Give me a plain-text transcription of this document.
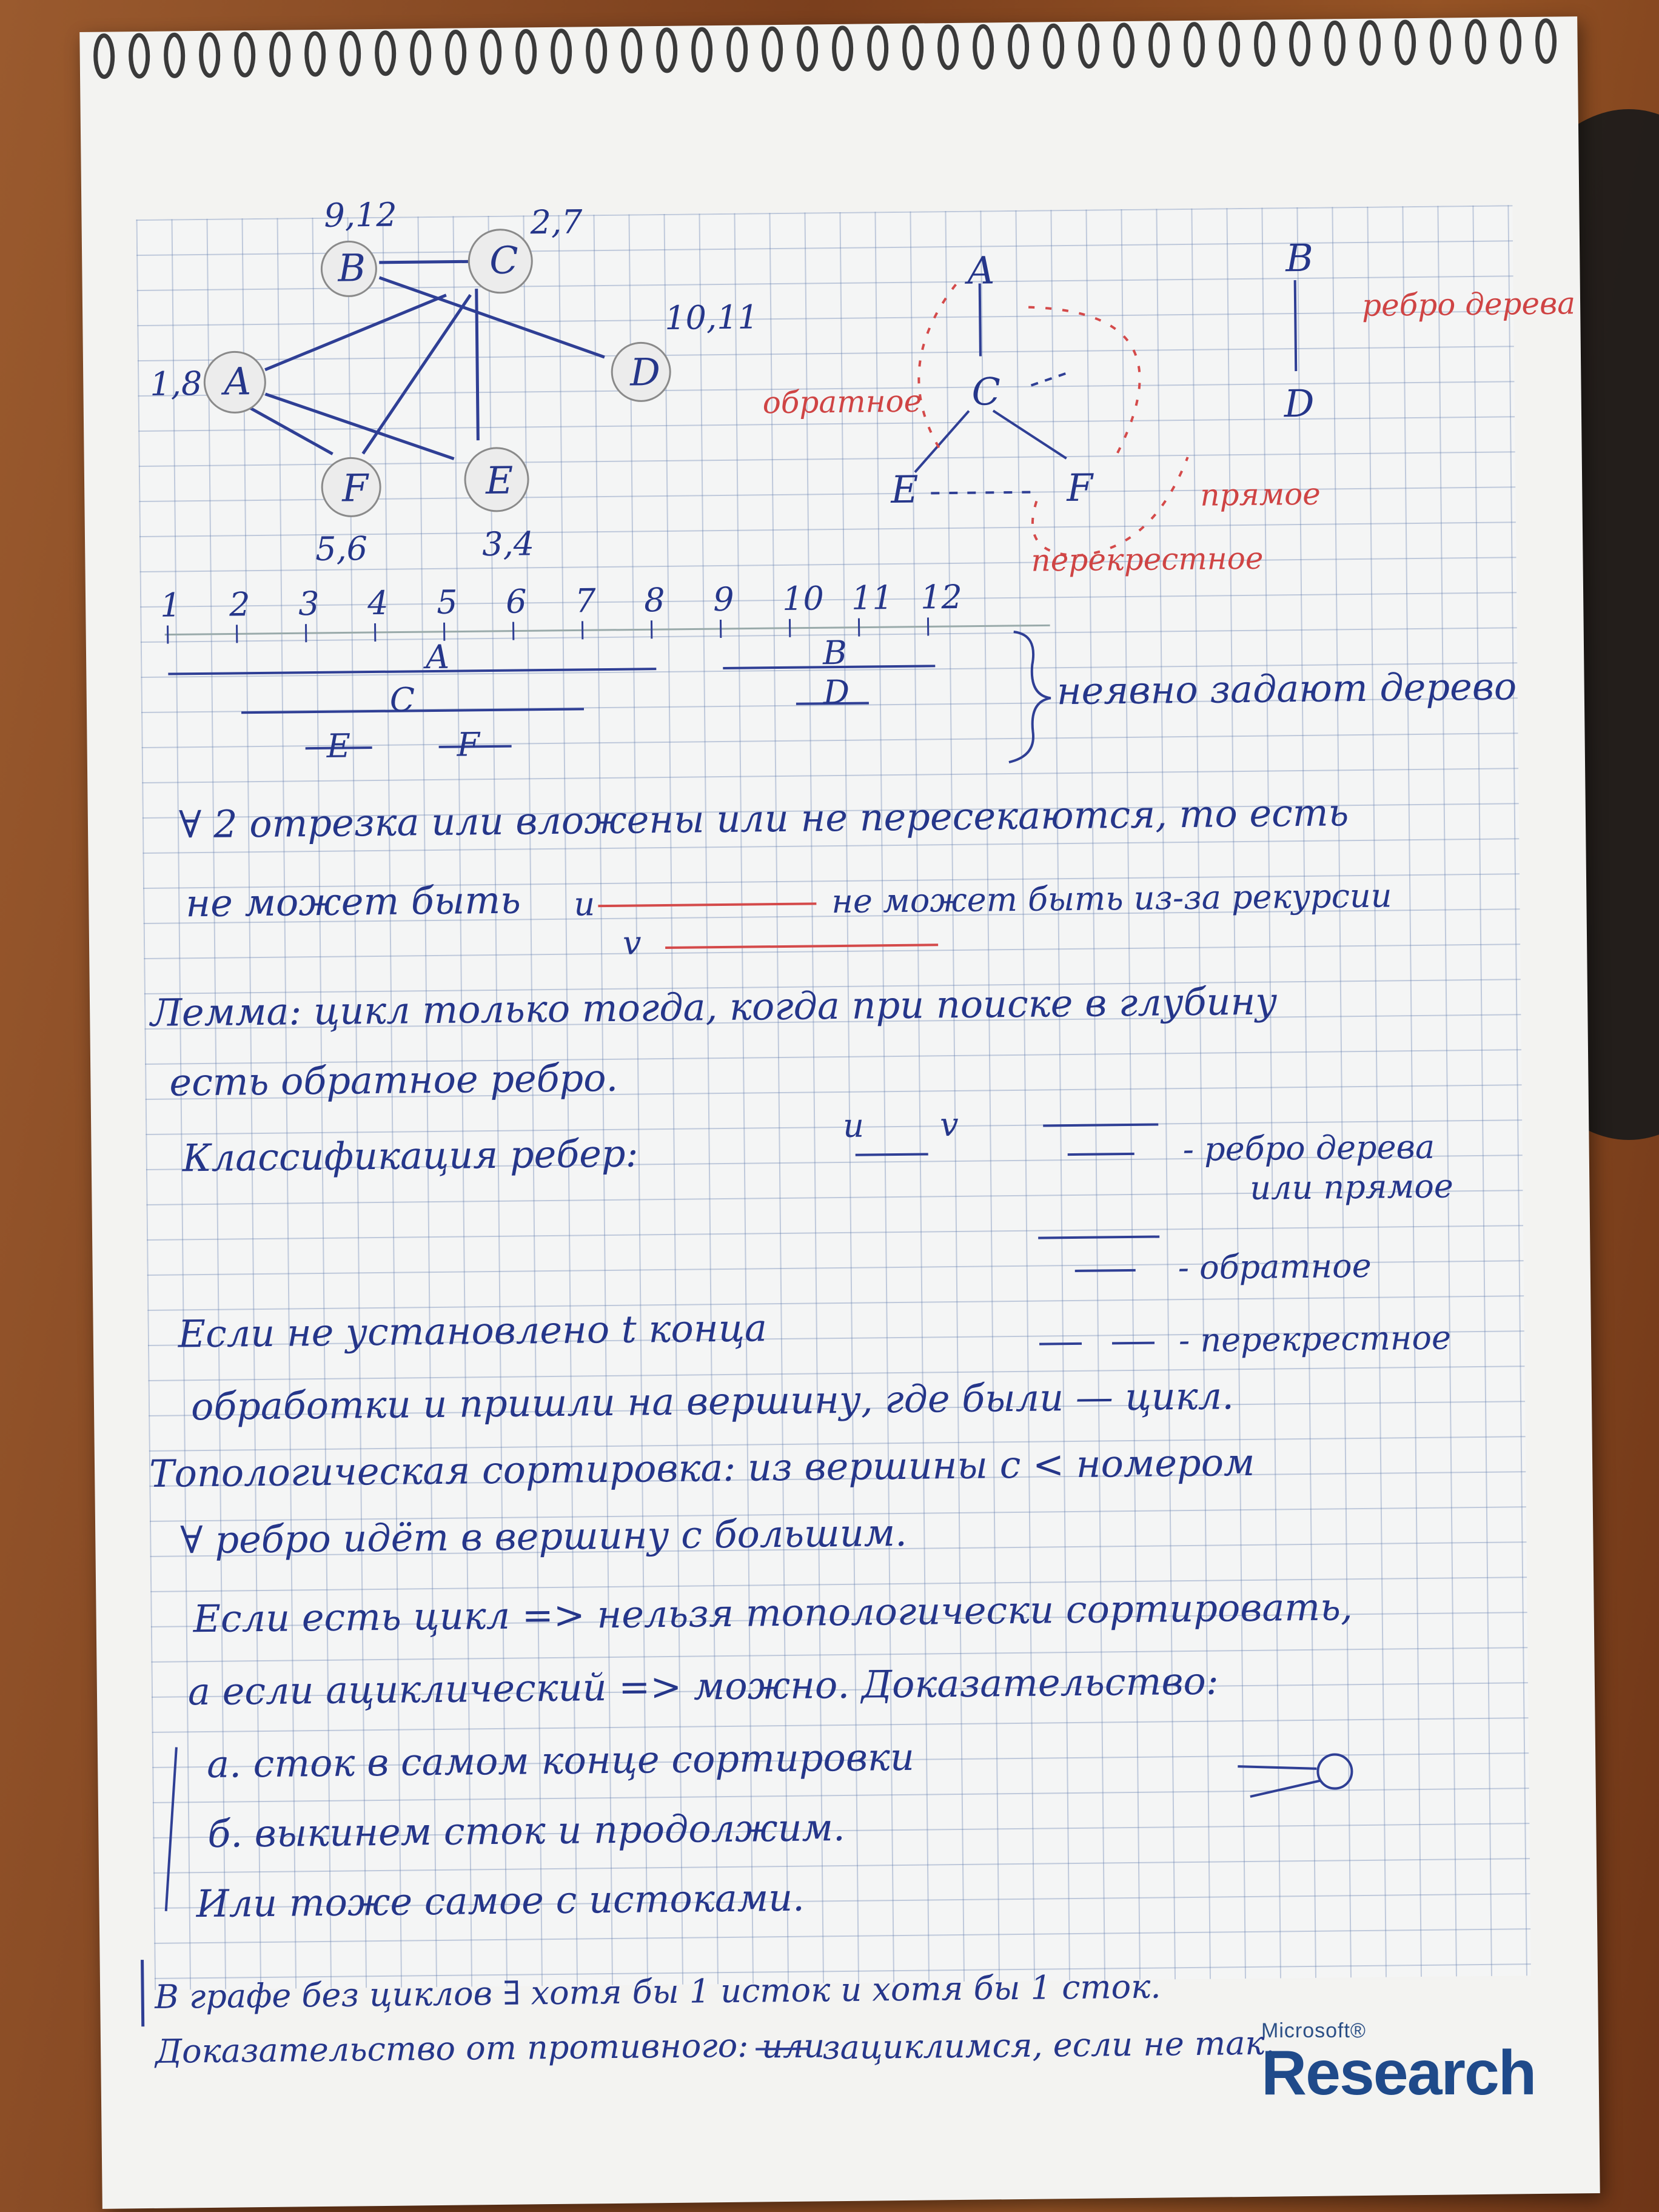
B	C
D
A
F	E
9,12	2,7
10,11
1,8
5,6	3,4
A	B
C	D
E	F
обратное
ребро дерева
прямое
перекрестное
1 2 3 4 5 6 7 8 9 10 11 12
A	B
C	D
E	F
неявно задают дерево
∀ 2 отрезка или вложены или не пересекаются, то есть
не может быть u
v
не может быть из-за рекурсии
Лемма: цикл только тогда, когда при поиске в глубину
есть обратное ребро.
Классификация ребер:
u v
- ребро дерева
или прямое
- обратное
- перекрестное
Если не установлено t конца
обработки и пришли на вершину, где были — цикл.
Топологическая сортировка: из вершины с < номером
∀ ребро идёт в вершину с большим.
Если есть цикл => нельзя топологически сортировать,
а если ациклический => можно. Доказательство:
а. сток в самом конце сортировки
б. выкинем сток и продолжим.
Или тоже самое с истоками.
В графе без циклов ∃ хотя бы 1 исток и хотя бы 1 сток.
Доказательство от противного: или
зациклимся, если не так.
Microsoft®
Research
